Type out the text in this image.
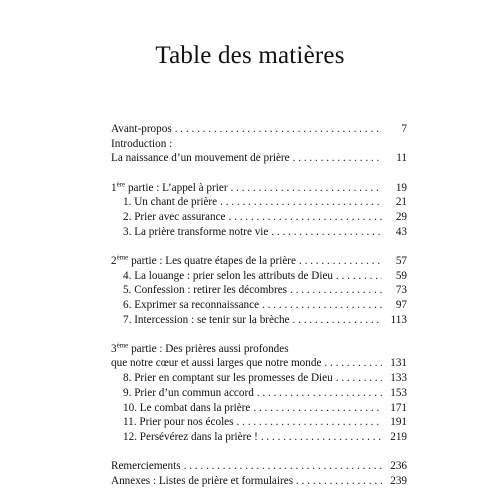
Table des matières
Avant-propos . . .	7
Introduction :
La naissance d’un mouvement de prière . . .	11
1ère partie : L’appel à prier . . .	19
1. Un chant de prière . . .	21
2. Prier avec assurance . . .	29
3. La prière transforme notre vie . . .	43
2ème partie : Les quatre étapes de la prière . . .	57
4. La louange : prier selon les attributs de Dieu . . .	59
5. Confession : retirer les décombres . . .	73
6. Exprimer sa reconnaissance . . .	97
7. Intercession : se tenir sur la brèche . . .	113
3ème partie : Des prières aussi profondes
que notre cœur et aussi larges que notre monde . . .	131
8. Prier en comptant sur les promesses de Dieu . . .	133
9. Prier d’un commun accord . . .	153
10. Le combat dans la prière . . .	171
11. Prier pour nos écoles . . .	191
12. Persévérez dans la prière ! . . .	219
Remerciements . . .	236
Annexes : Listes de prière et formulaires . . .	239
